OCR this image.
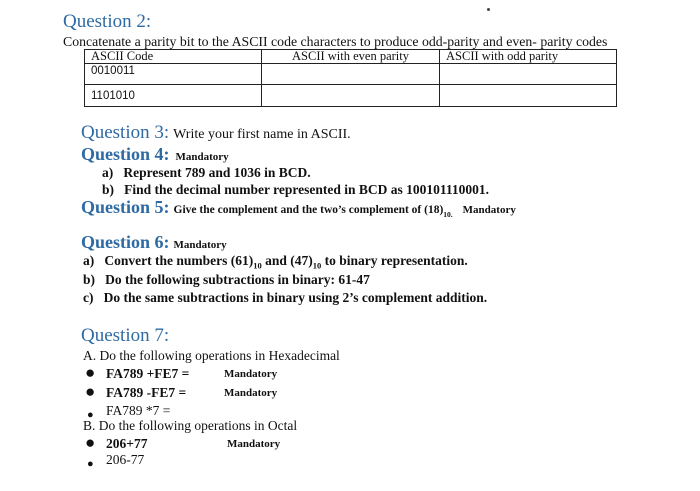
Question 2:
Concatenate a parity bit to the ASCII code characters to produce odd-parity and even- parity codes
ASCII Code	ASCII with even parity	ASCII with odd parity
0010011		
1101010		
Question 3: Write your first name in ASCII.
Question 4: Mandatory
a) Represent 789 and 1036 in BCD.
b) Find the decimal number represented in BCD as 100101110001.
Question 5: Give the complement and the two’s complement of $(18)_{10.}$ Mandatory
Question 6: Mandatory
a) Convert the numbers $(61)_{10}$ and $(47)_{10}$ to binary representation.
b) Do the following subtractions in binary: 61-47
c) Do the same subtractions in binary using 2’s complement addition.
Question 7:
A. Do the following operations in Hexadecimal
● FA789 +FE7 =	Mandatory
● FA789 -FE7 =	Mandatory
● FA789 *7 =
B. Do the following operations in Octal
● 206+77	Mandatory
● 206-77
